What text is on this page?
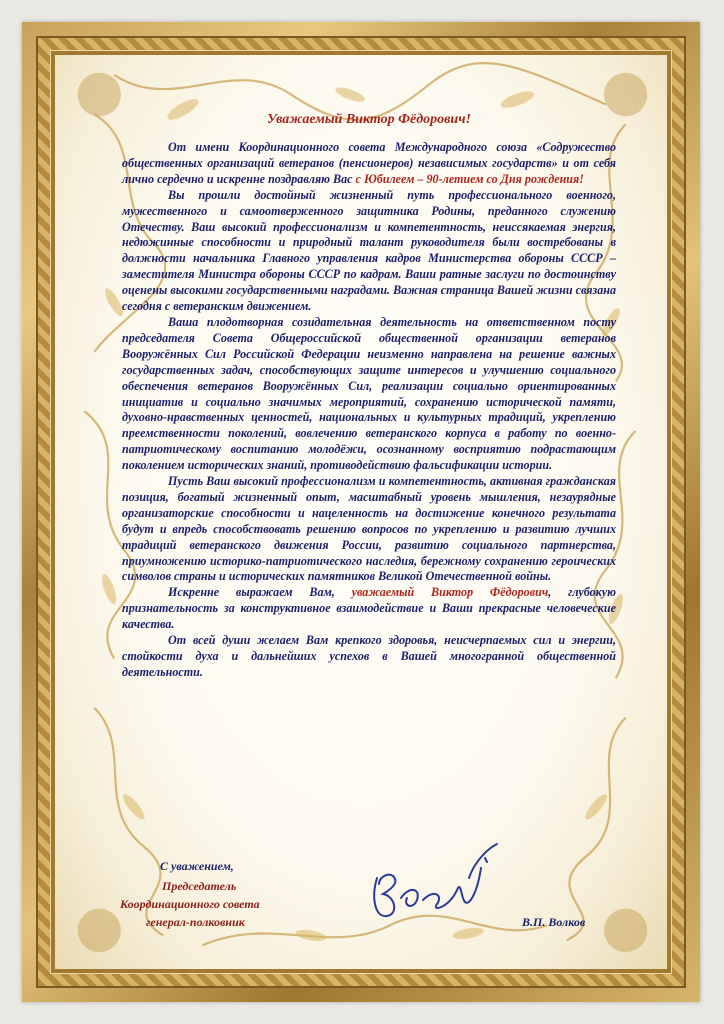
Уважаемый Виктор Фёдорович!

От имени Координационного совета Международного союза «Содружество общественных организаций ветеранов (пенсионеров) независимых государств» и от себя лично сердечно и искренне поздравляю Вас с Юбилеем – 90-летием со Дня рождения!

Вы прошли достойный жизненный путь профессионального военного, мужественного и самоотверженного защитника Родины, преданного служению Отечеству. Ваш высокий профессионализм и компетентность, неиссякаемая энергия, недюжинные способности и природный талант руководителя были востребованы в должности начальника Главного управления кадров Министерства обороны СССР – заместителя Министра обороны СССР по кадрам. Ваши ратные заслуги по достоинству оценены высокими государственными наградами. Важная страница Вашей жизни связана сегодня с ветеранским движением.

Ваша плодотворная созидательная деятельность на ответственном посту председателя Совета Общероссийской общественной организации ветеранов Вооружённых Сил Российской Федерации неизменно направлена на решение важных государственных задач, способствующих защите интересов и улучшению социального обеспечения ветеранов Вооружённых Сил, реализации социально ориентированных инициатив и социально значимых мероприятий, сохранению исторической памяти, духовно-нравственных ценностей, национальных и культурных традиций, укреплению преемственности поколений, вовлечению ветеранского корпуса в работу по военно-патриотическому воспитанию молодёжи, осознанному восприятию подрастающим поколением исторических знаний, противодействию фальсификации истории.

Пусть Ваш высокий профессионализм и компетентность, активная гражданская позиция, богатый жизненный опыт, масштабный уровень мышления, незаурядные организаторские способности и нацеленность на достижение конечного результата будут и впредь способствовать решению вопросов по укреплению и развитию лучших традиций ветеранского движения России, развитию социального партнерства, приумножению историко-патриотического наследия, бережному сохранению героических символов страны и исторических памятников Великой Отечественной войны.

Искренне выражаем Вам, уважаемый Виктор Фёдорович, глубокую признательность за конструктивное взаимодействие и Ваши прекрасные человеческие качества.

От всей души желаем Вам крепкого здоровья, неисчерпаемых сил и энергии, стойкости духа и дальнейших успехов в Вашей многогранной общественной деятельности.

С уважением,
Председатель
Координационного совета
генерал-полковник	В.П. Волков
